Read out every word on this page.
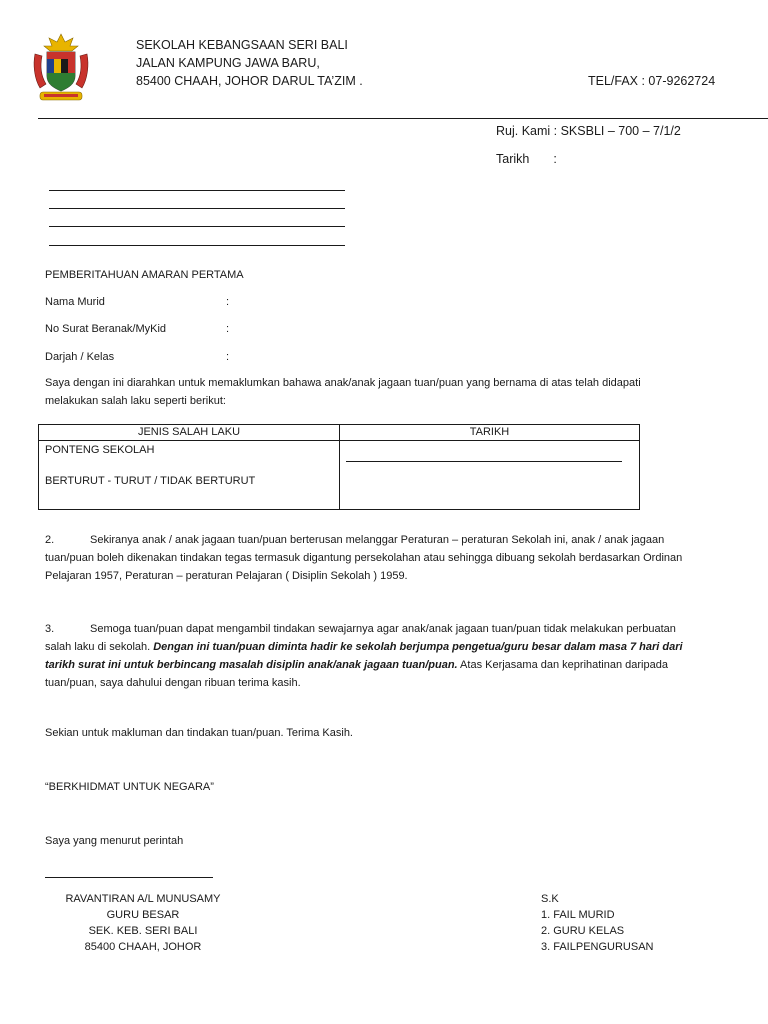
SEKOLAH KEBANGSAAN SERI BALI
JALAN KAMPUNG JAWA BARU,
85400 CHAAH, JOHOR DARUL TA’ZIM .	TEL/FAX : 07-9262724
Ruj. Kami : SKSBLI – 700 – 7/1/2
Tarikh :
PEMBERITAHUAN AMARAN PERTAMA
Nama Murid	:
No Surat Beranak/MyKid	:
Darjah / Kelas	:
Saya dengan ini diarahkan untuk memaklumkan bahawa anak/anak jagaan tuan/puan yang bernama di atas telah didapati melakukan salah laku seperti berikut:
JENIS SALAH LAKU	TARIKH

PONTENG SEKOLAH
BERTURUT - TURUT / TIDAK BERTURUT	

2.	Sekiranya anak / anak jagaan tuan/puan berterusan melanggar Peraturan – peraturan Sekolah ini, anak / anak jagaan tuan/puan boleh dikenakan tindakan tegas termasuk digantung persekolahan atau sehingga dibuang sekolah berdasarkan Ordinan Pelajaran 1957, Peraturan – peraturan Pelajaran ( Disiplin Sekolah ) 1959.
3.	Semoga tuan/puan dapat mengambil tindakan sewajarnya agar anak/anak jagaan tuan/puan tidak melakukan perbuatan salah laku di sekolah. Dengan ini tuan/puan diminta hadir ke sekolah berjumpa pengetua/guru besar dalam masa 7 hari dari tarikh surat ini untuk berbincang masalah disiplin anak/anak jagaan tuan/puan. Atas Kerjasama dan keprihatinan daripada tuan/puan, saya dahului dengan ribuan terima kasih.
Sekian untuk makluman dan tindakan tuan/puan. Terima Kasih.
“BERKHIDMAT UNTUK NEGARA”
Saya yang menurut perintah
RAVANTIRAN A/L MUNUSAMY
GURU BESAR
SEK. KEB. SERI BALI
85400 CHAAH, JOHOR
S.K
1. FAIL MURID
2. GURU KELAS
3. FAILPENGURUSAN
